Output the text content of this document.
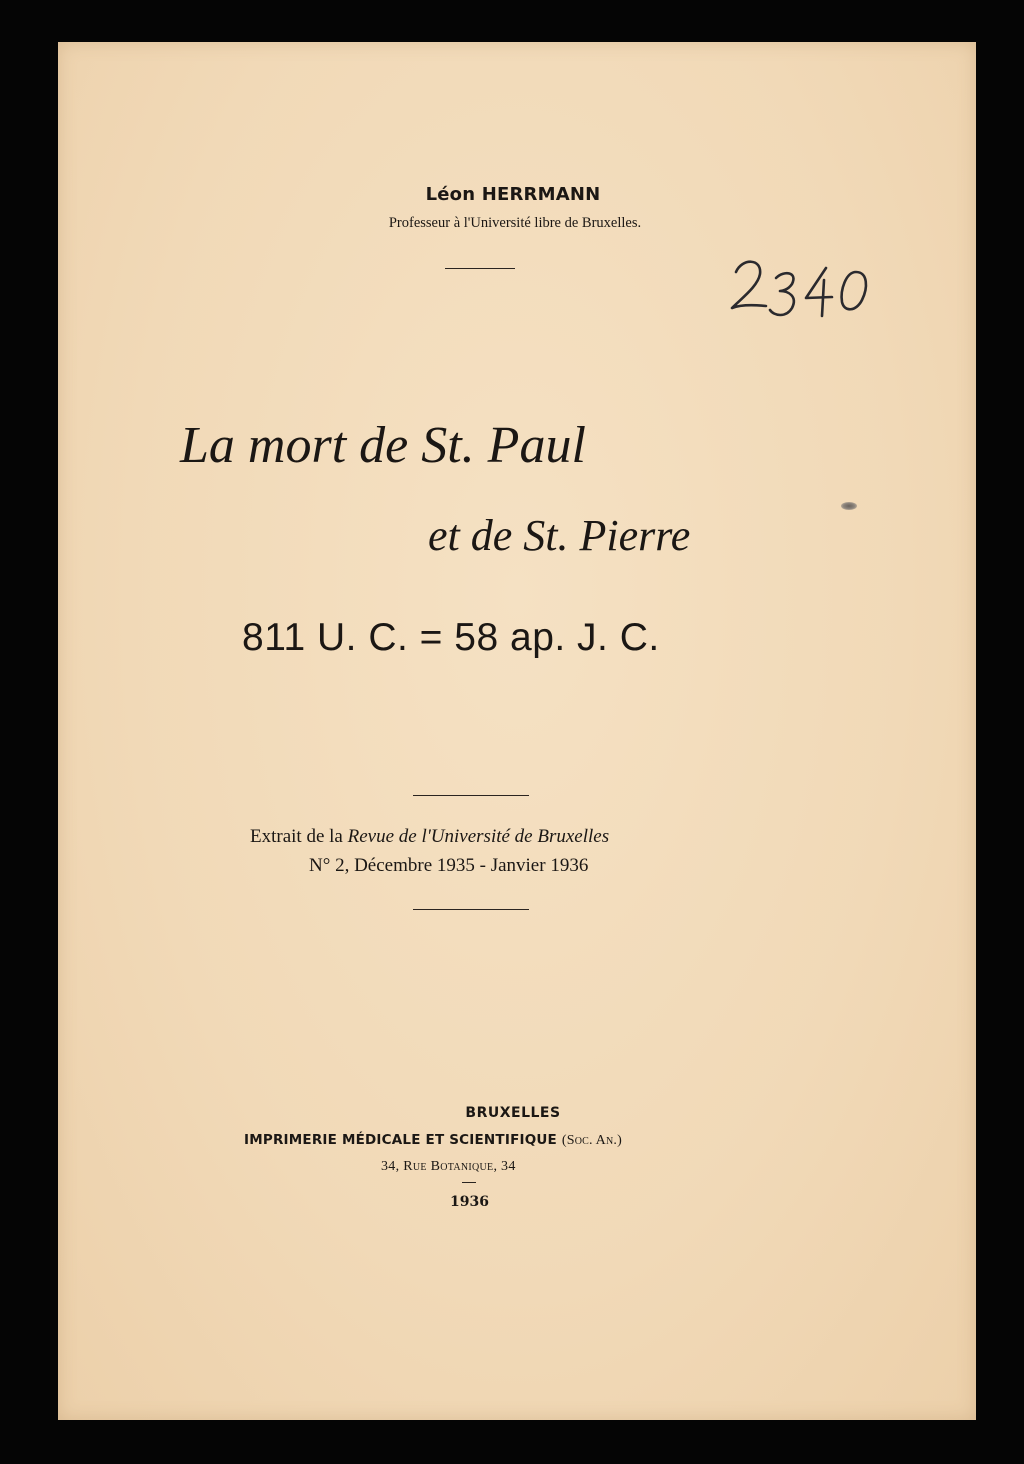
Léon HERRMANN
Professeur à l'Université libre de Bruxelles.
La mort de St. Paul
et de St. Pierre
811 U. C. = 58 ap. J. C.
Extrait de la Revue de l'Université de Bruxelles
N° 2, Décembre 1935 - Janvier 1936
BRUXELLES
IMPRIMERIE MÉDICALE ET SCIENTIFIQUE (Soc. An.)
34, Rue Botanique, 34
1936
